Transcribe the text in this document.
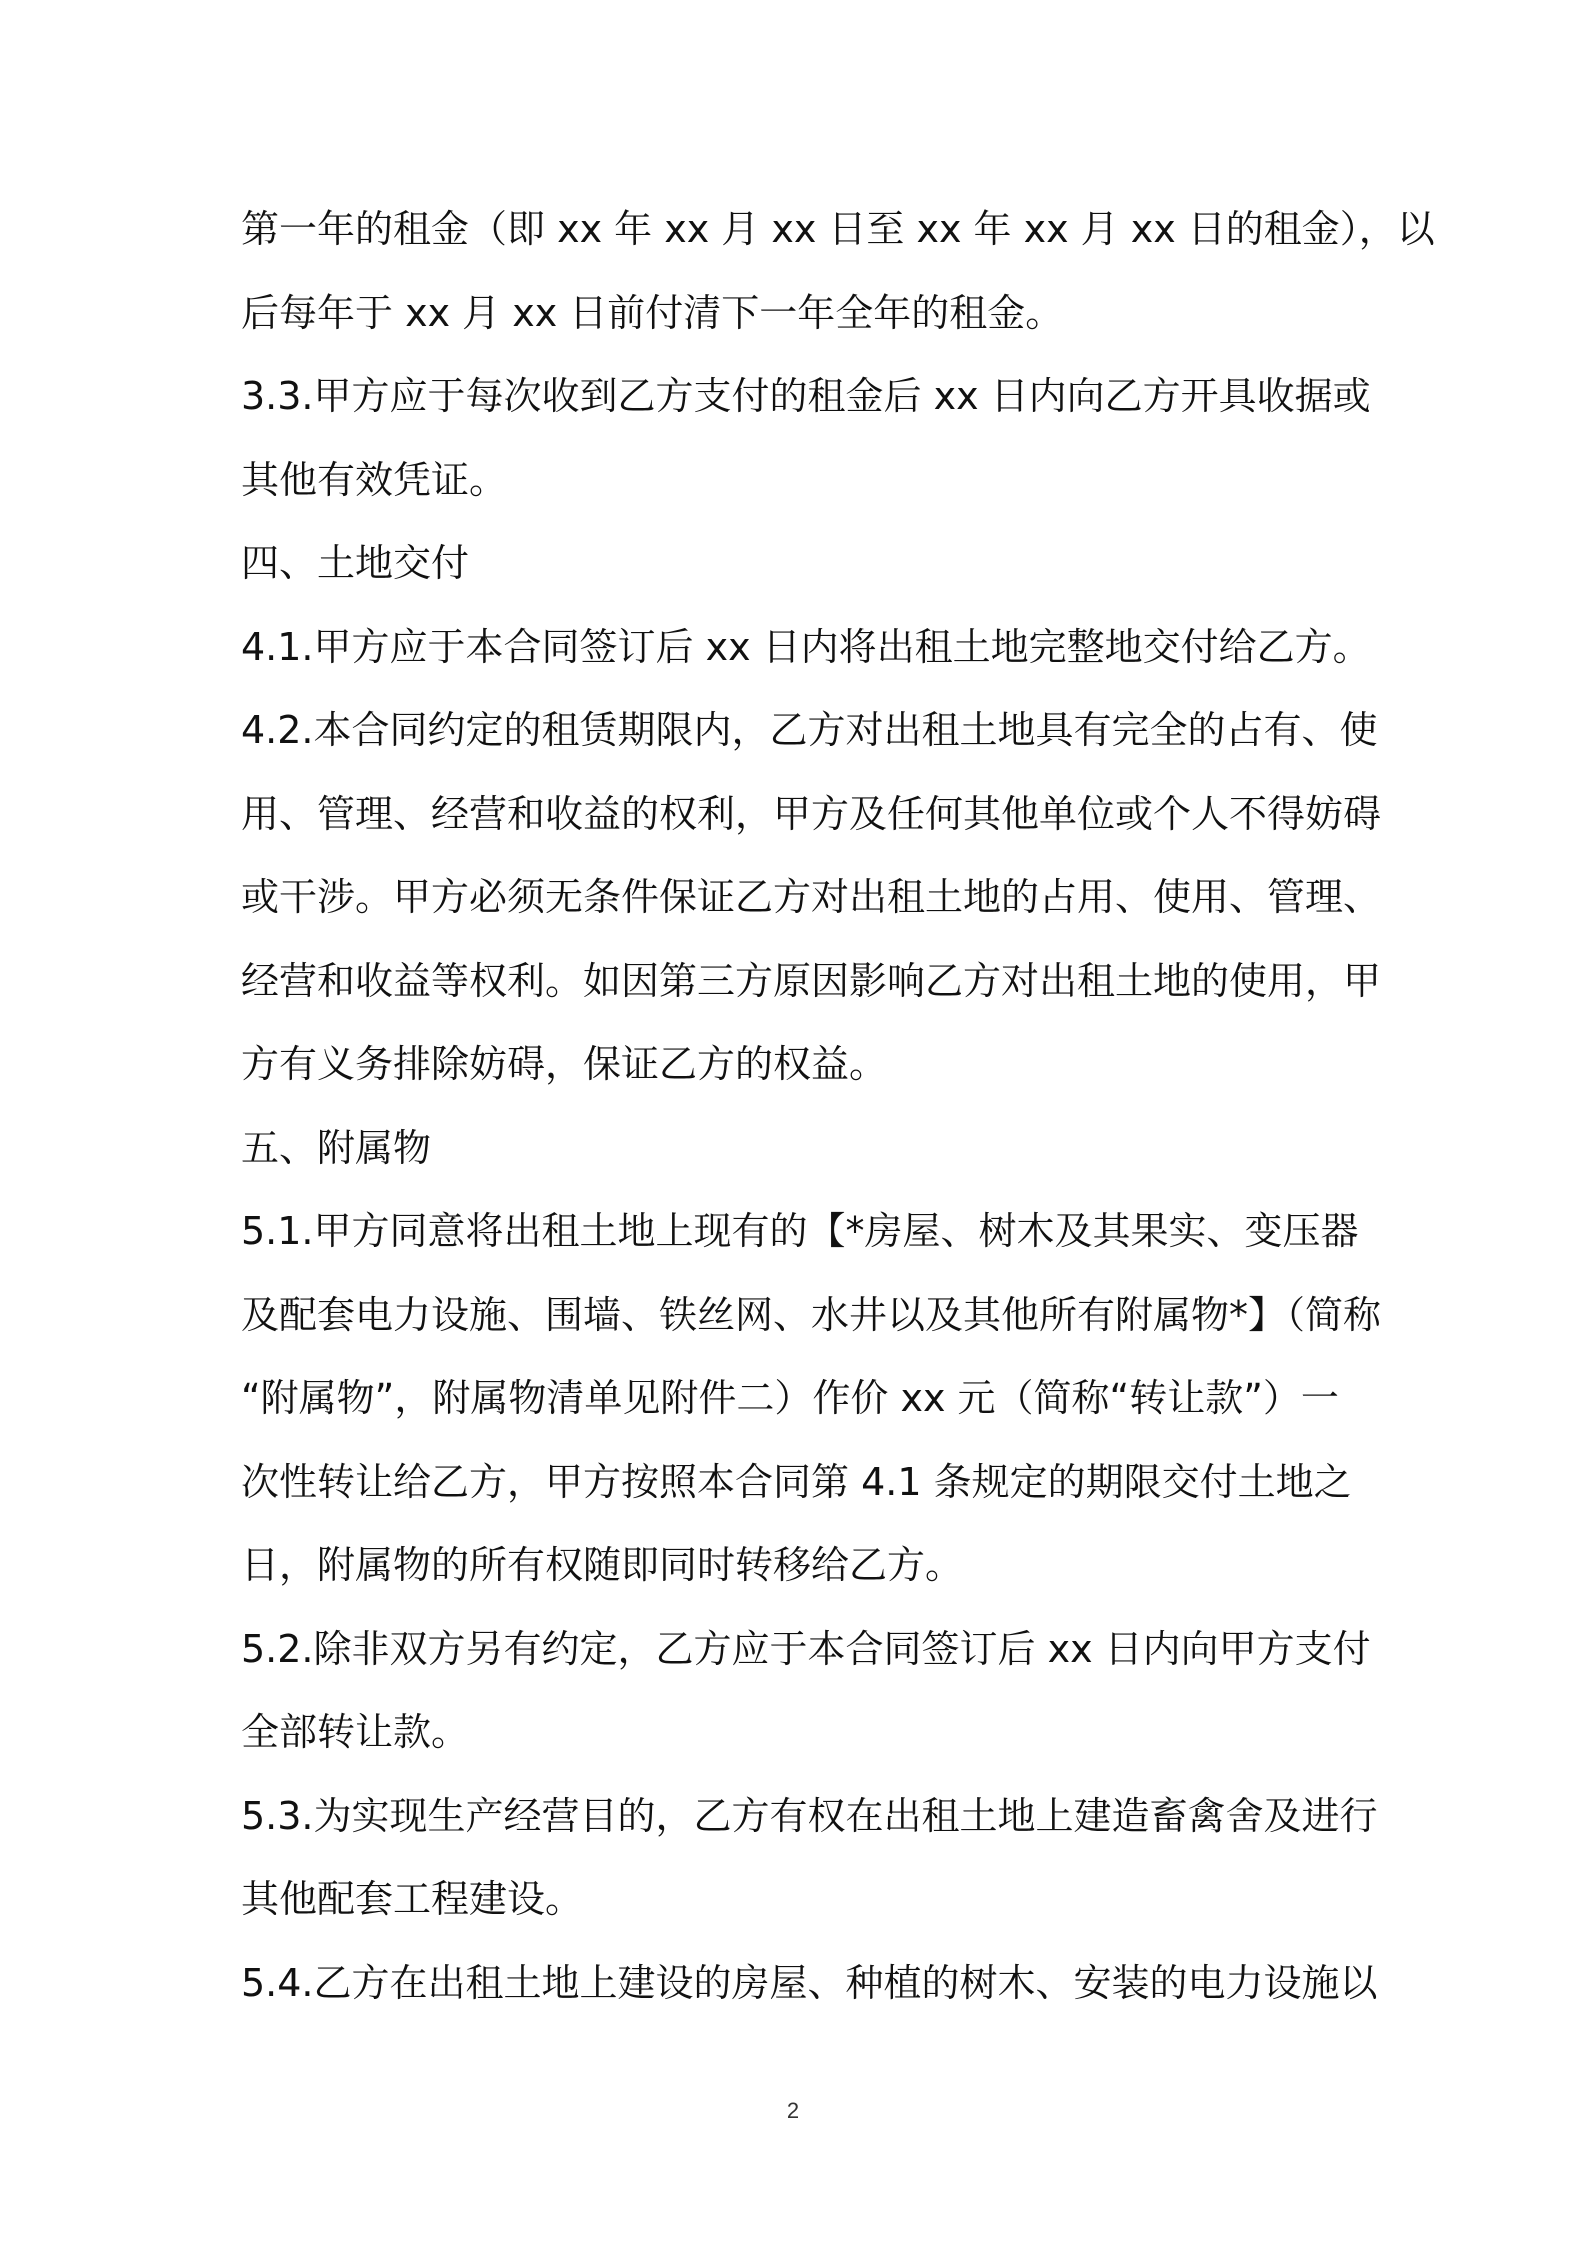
第一年的租金（即 xx 年 xx 月 xx 日至 xx 年 xx 月 xx 日的租金），以
后每年于 xx 月 xx 日前付清下一年全年的租金。
3.3.甲方应于每次收到乙方支付的租金后 xx 日内向乙方开具收据或
其他有效凭证。
四、土地交付
4.1.甲方应于本合同签订后 xx 日内将出租土地完整地交付给乙方。
4.2.本合同约定的租赁期限内，乙方对出租土地具有完全的占有、使
用、管理、经营和收益的权利，甲方及任何其他单位或个人不得妨碍
或干涉。甲方必须无条件保证乙方对出租土地的占用、使用、管理、
经营和收益等权利。如因第三方原因影响乙方对出租土地的使用，甲
方有义务排除妨碍，保证乙方的权益。
五、附属物
5.1.甲方同意将出租土地上现有的【*房屋、树木及其果实、变压器
及配套电力设施、围墙、铁丝网、水井以及其他所有附属物*】（简称
“附属物”，附属物清单见附件二）作价 xx 元（简称“转让款”）一
次性转让给乙方，甲方按照本合同第 4.1 条规定的期限交付土地之
日，附属物的所有权随即同时转移给乙方。
5.2.除非双方另有约定，乙方应于本合同签订后 xx 日内向甲方支付
全部转让款。
5.3.为实现生产经营目的，乙方有权在出租土地上建造畜禽舍及进行
其他配套工程建设。
5.4.乙方在出租土地上建设的房屋、种植的树木、安装的电力设施以
2
